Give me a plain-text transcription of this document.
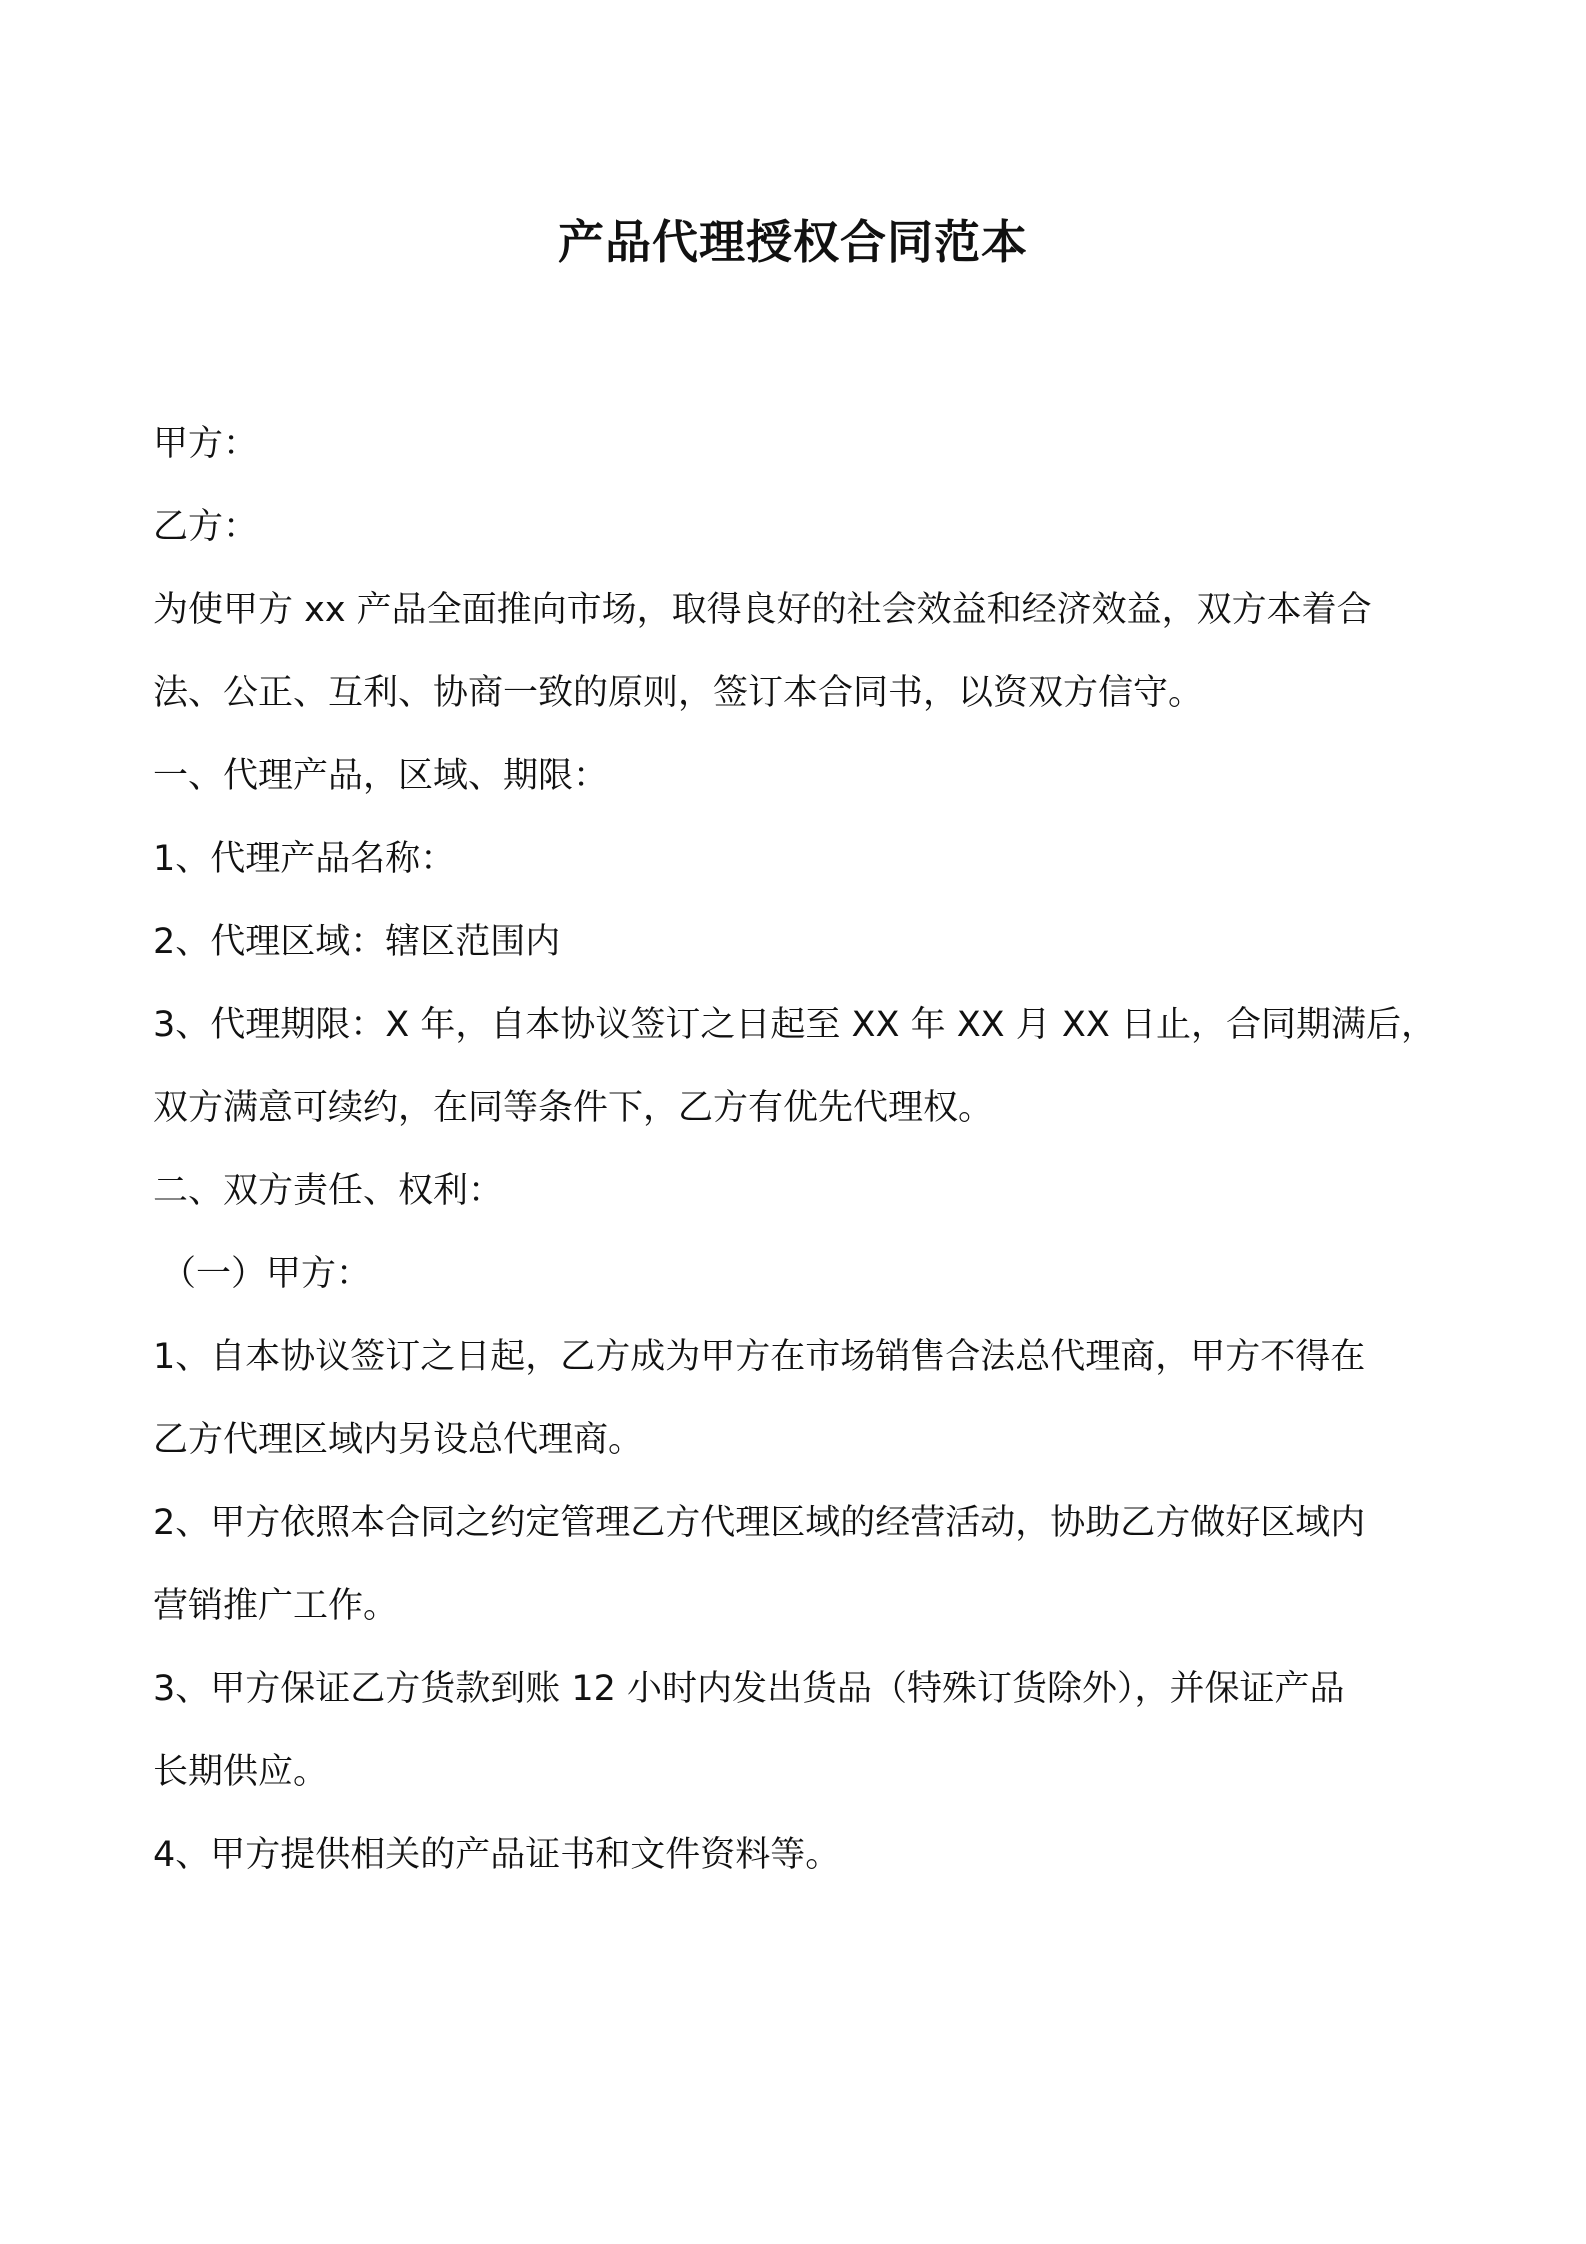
产品代理授权合同范本
甲方：
乙方：
为使甲方 xx 产品全面推向市场，取得良好的社会效益和经济效益，双方本着合
法、公正、互利、协商一致的原则，签订本合同书，以资双方信守。
一、代理产品，区域、期限：
1、代理产品名称：
2、代理区域：辖区范围内
3、代理期限：X 年，自本协议签订之日起至 XX 年 XX 月 XX 日止，合同期满后，
双方满意可续约，在同等条件下，乙方有优先代理权。
二、双方责任、权利：
（一）甲方：
1、自本协议签订之日起，乙方成为甲方在市场销售合法总代理商，甲方不得在
乙方代理区域内另设总代理商。
2、甲方依照本合同之约定管理乙方代理区域的经营活动，协助乙方做好区域内
营销推广工作。
3、甲方保证乙方货款到账 12 小时内发出货品（特殊订货除外），并保证产品
长期供应。
4、甲方提供相关的产品证书和文件资料等。
